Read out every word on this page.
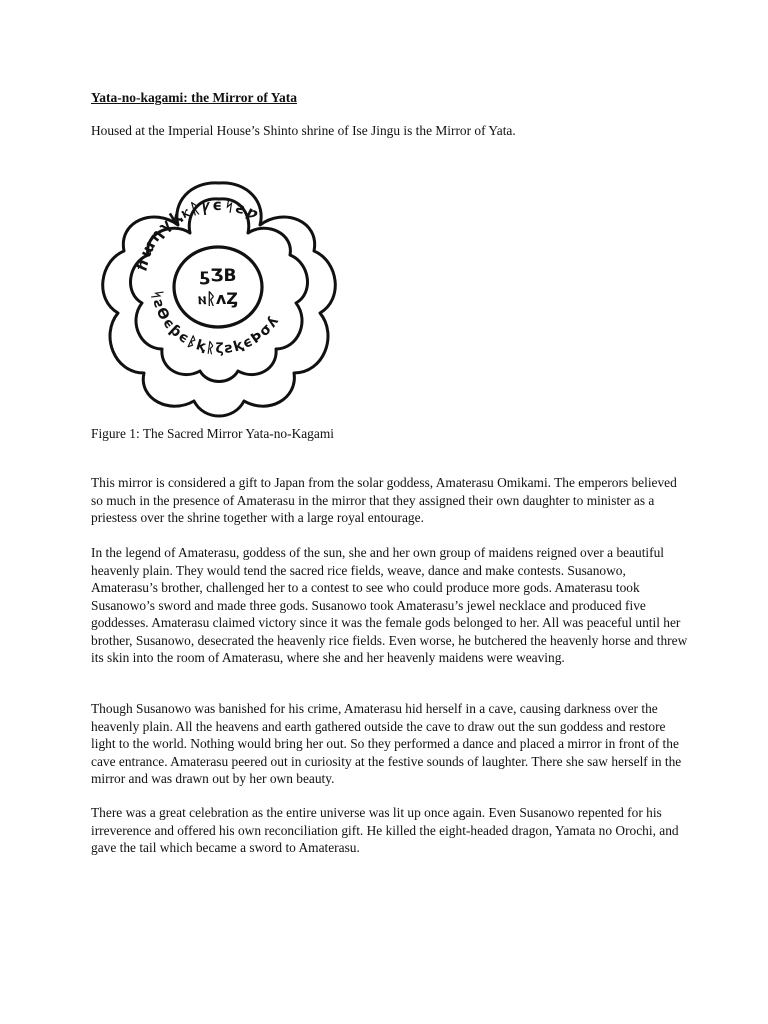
Yata-no-kagami: the Mirror of Yata

Housed at the Imperial House’s Shinto shrine of Ise Jingu is the Mirror of Yata.

ℏɯηγⱪⲕᚱꝩϵᛋƨƿ
ᛋƨϴϵƥϵᛒⱪᚱζƨⱪϵϷσʎ
ƽƷΒ
ⲛᚱʌȤ

Figure 1: The Sacred Mirror Yata-no-Kagami

This mirror is considered a gift to Japan from the solar goddess, Amaterasu Omikami. The emperors believed so much in the presence of Amaterasu in the mirror that they assigned their own daughter to minister as a priestess over the shrine together with a large royal entourage.

In the legend of Amaterasu, goddess of the sun, she and her own group of maidens reigned over a beautiful heavenly plain. They would tend the sacred rice fields, weave, dance and make contests. Susanowo, Amaterasu’s brother, challenged her to a contest to see who could produce more gods. Amaterasu took Susanowo’s sword and made three gods. Susanowo took Amaterasu’s jewel necklace and produced five goddesses. Amaterasu claimed victory since it was the female gods belonged to her. All was peaceful until her brother, Susanowo, desecrated the heavenly rice fields. Even worse, he butchered the heavenly horse and threw its skin into the room of Amaterasu, where she and her heavenly maidens were weaving.

Though Susanowo was banished for his crime, Amaterasu hid herself in a cave, causing darkness over the heavenly plain. All the heavens and earth gathered outside the cave to draw out the sun goddess and restore light to the world. Nothing would bring her out. So they performed a dance and placed a mirror in front of the cave entrance. Amaterasu peered out in curiosity at the festive sounds of laughter. There she saw herself in the mirror and was drawn out by her own beauty.

There was a great celebration as the entire universe was lit up once again. Even Susanowo repented for his irreverence and offered his own reconciliation gift. He killed the eight-headed dragon, Yamata no Orochi, and gave the tail which became a sword to Amaterasu.
